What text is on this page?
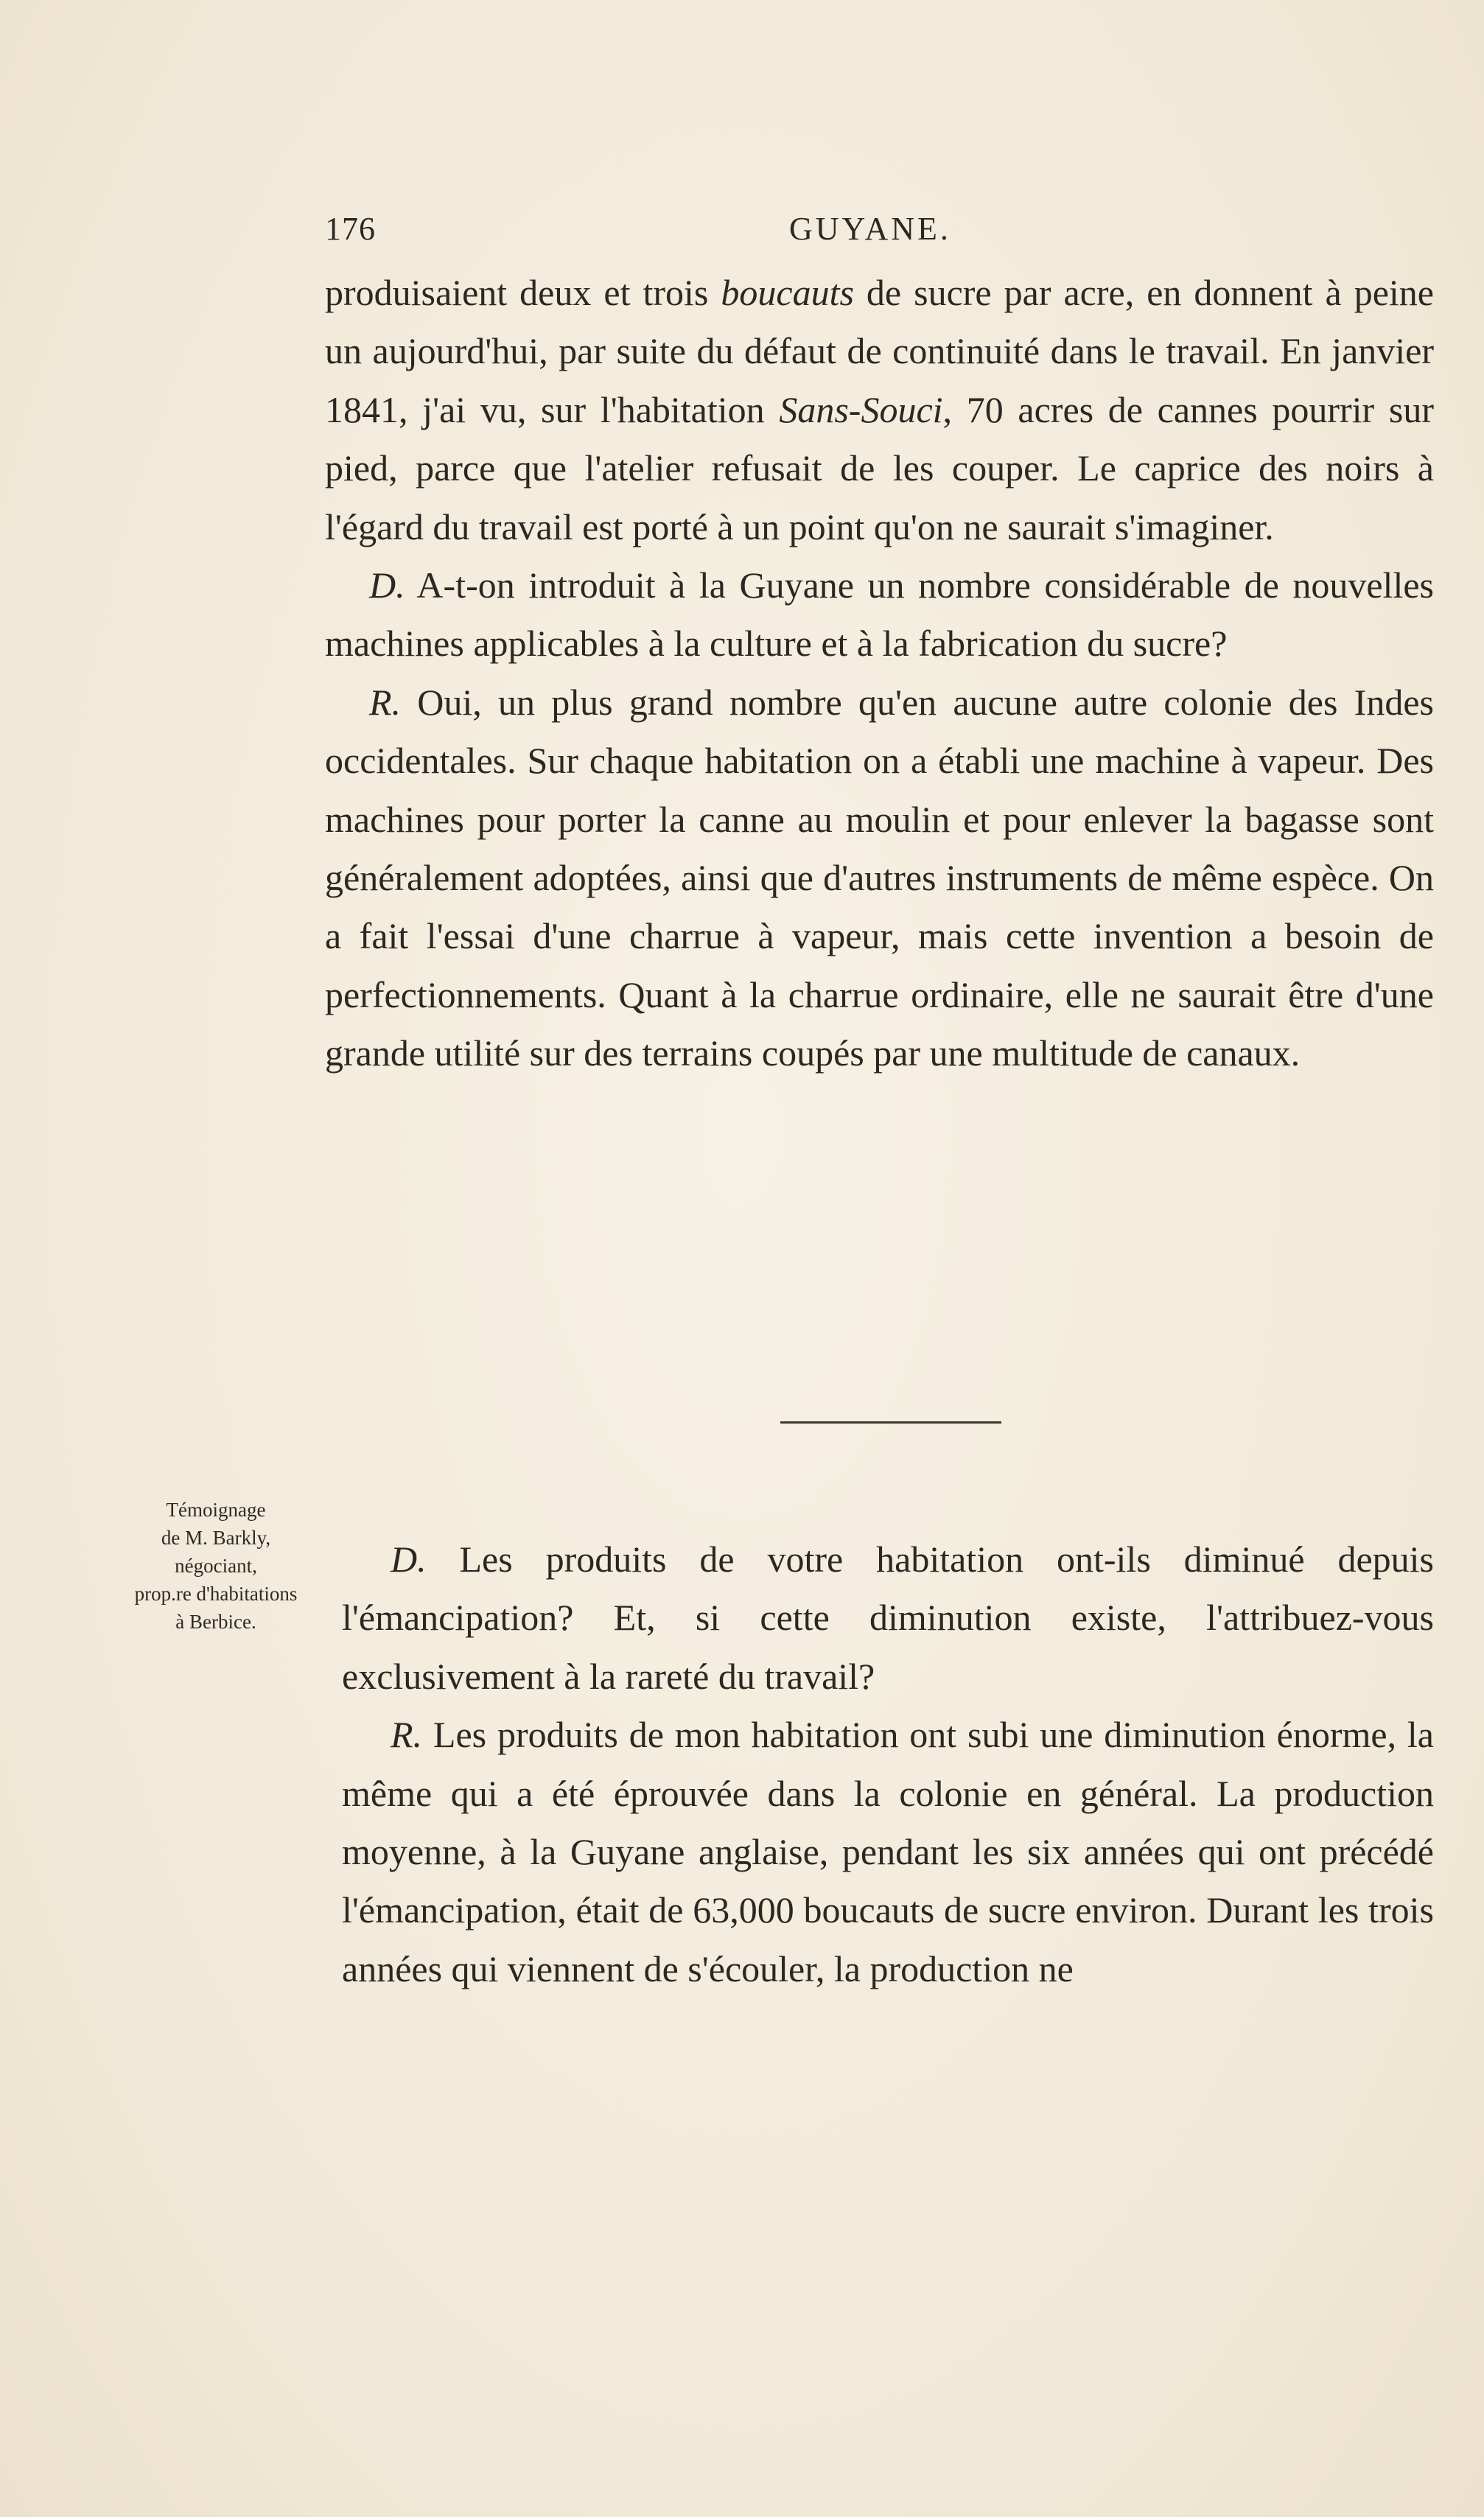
176	GUYANE.

produisaient deux et trois boucauts de sucre par acre, en donnent à peine un aujourd'hui, par suite du défaut de continuité dans le travail. En janvier 1841, j'ai vu, sur l'habitation Sans-Souci, 70 acres de cannes pourrir sur pied, parce que l'atelier refusait de les couper. Le caprice des noirs à l'égard du travail est porté à un point qu'on ne saurait s'imaginer.

D. A-t-on introduit à la Guyane un nombre considérable de nouvelles machines applicables à la culture et à la fabrication du sucre?

R. Oui, un plus grand nombre qu'en aucune autre colonie des Indes occidentales. Sur chaque habitation on a établi une machine à vapeur. Des machines pour porter la canne au moulin et pour enlever la bagasse sont généralement adoptées, ainsi que d'autres instruments de même espèce. On a fait l'essai d'une charrue à vapeur, mais cette invention a besoin de perfectionnements. Quant à la charrue ordinaire, elle ne saurait être d'une grande utilité sur des terrains coupés par une multitude de canaux.

Témoignage
de M. Barkly,
négociant,
prop.re d'habitations
à Berbice.

D. Les produits de votre habitation ont-ils diminué depuis l'émancipation? Et, si cette diminution existe, l'attribuez-vous exclusivement à la rareté du travail?

R. Les produits de mon habitation ont subi une diminution énorme, la même qui a été éprouvée dans la colonie en général. La production moyenne, à la Guyane anglaise, pendant les six années qui ont précédé l'émancipation, était de 63,000 boucauts de sucre environ. Durant les trois années qui viennent de s'écouler, la production ne
